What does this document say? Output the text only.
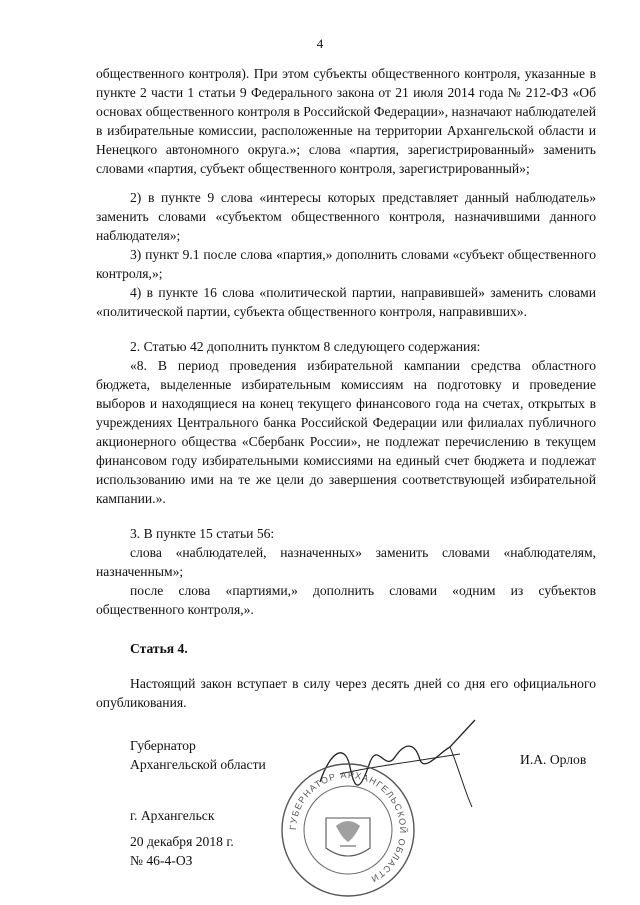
4

общественного контроля). При этом субъекты общественного контроля, указанные в пункте 2 части 1 статьи 9 Федерального закона от 21 июля 2014 года № 212-ФЗ «Об основах общественного контроля в Российской Федерации», назначают наблюдателей в избирательные комиссии, расположенные на территории Архангельской области и Ненецкого автономного округа.»; слова «партия, зарегистрированный» заменить словами «партия, субъект общественного контроля, зарегистрированный»;

2) в пункте 9 слова «интересы которых представляет данный наблюдатель» заменить словами «субъектом общественного контроля, назначившими данного наблюдателя»;

3) пункт 9.1 после слова «партия,» дополнить словами «субъект общественного контроля,»;

4) в пункте 16 слова «политической партии, направившей» заменить словами «политической партии, субъекта общественного контроля, направивших».

2. Статью 42 дополнить пунктом 8 следующего содержания:

«8. В период проведения избирательной кампании средства областного бюджета, выделенные избирательным комиссиям на подготовку и проведение выборов и находящиеся на конец текущего финансового года на счетах, открытых в учреждениях Центрального банка Российской Федерации или филиалах публичного акционерного общества «Сбербанк России», не подлежат перечислению в текущем финансовом году избирательными комиссиями на единый счет бюджета и подлежат использованию ими на те же цели до завершения соответствующей избирательной кампании.».

3. В пункте 15 статьи 56:

слова «наблюдателей, назначенных» заменить словами «наблюдателям, назначенным»;

после слова «партиями,» дополнить словами «одним из субъектов общественного контроля,».

Статья 4.

Настоящий закон вступает в силу через десять дней со дня его официального опубликования.

Губернатор
Архангельской области	И.А. Орлов
ГУБЕРНАТОР АРХАНГЕЛЬСКОЙ ОБЛАСТИ
г. Архангельск
20 декабря 2018 г.
№ 46-4-ОЗ
